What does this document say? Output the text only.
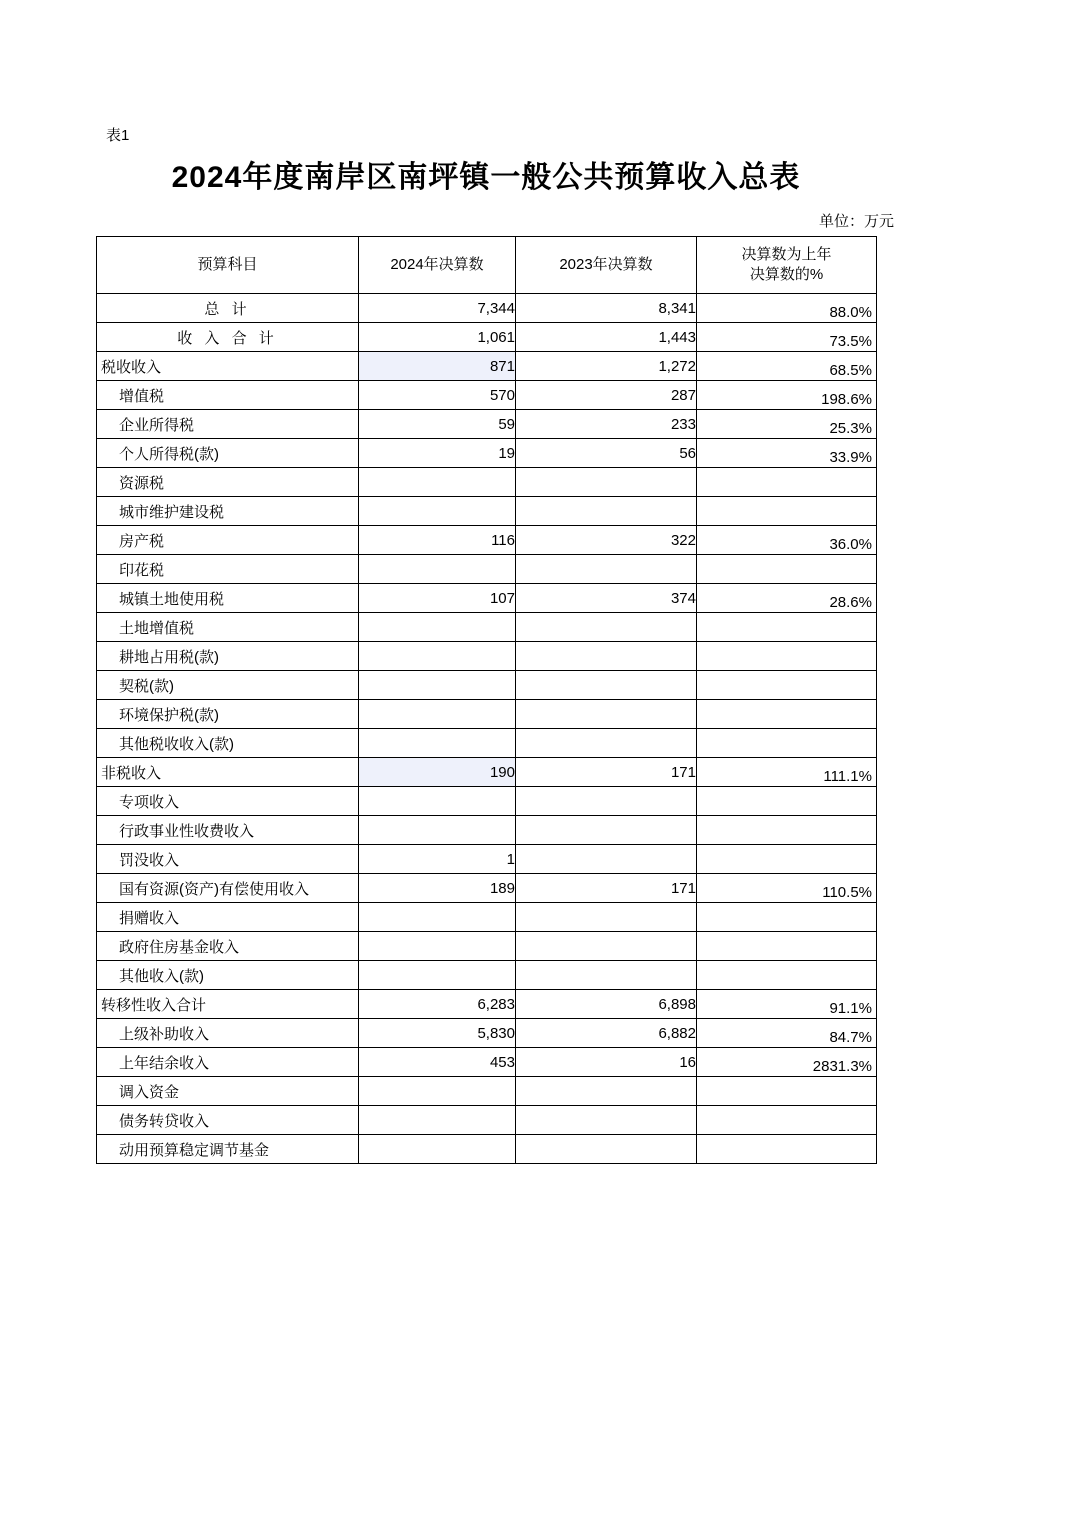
表1
2024年度南岸区南坪镇一般公共预算收入总表
单位：万元
预算科目	2024年决算数	2023年决算数	决算数为上年
决算数的%
总 计	7,344	8,341	88.0%
收 入 合 计	1,061	1,443	73.5%
税收收入	871	1,272	68.5%
增值税	570	287	198.6%
企业所得税	59	233	25.3%
个人所得税(款)	19	56	33.9%
资源税			
城市维护建设税			
房产税	116	322	36.0%
印花税			
城镇土地使用税	107	374	28.6%
土地增值税			
耕地占用税(款)			
契税(款)			
环境保护税(款)			
其他税收收入(款)			
非税收入	190	171	111.1%
专项收入			
行政事业性收费收入			
罚没收入	1		
国有资源(资产)有偿使用收入	189	171	110.5%
捐赠收入			
政府住房基金收入			
其他收入(款)			
转移性收入合计	6,283	6,898	91.1%
上级补助收入	5,830	6,882	84.7%
上年结余收入	453	16	2831.3%
调入资金			
债务转贷收入			
动用预算稳定调节基金			
